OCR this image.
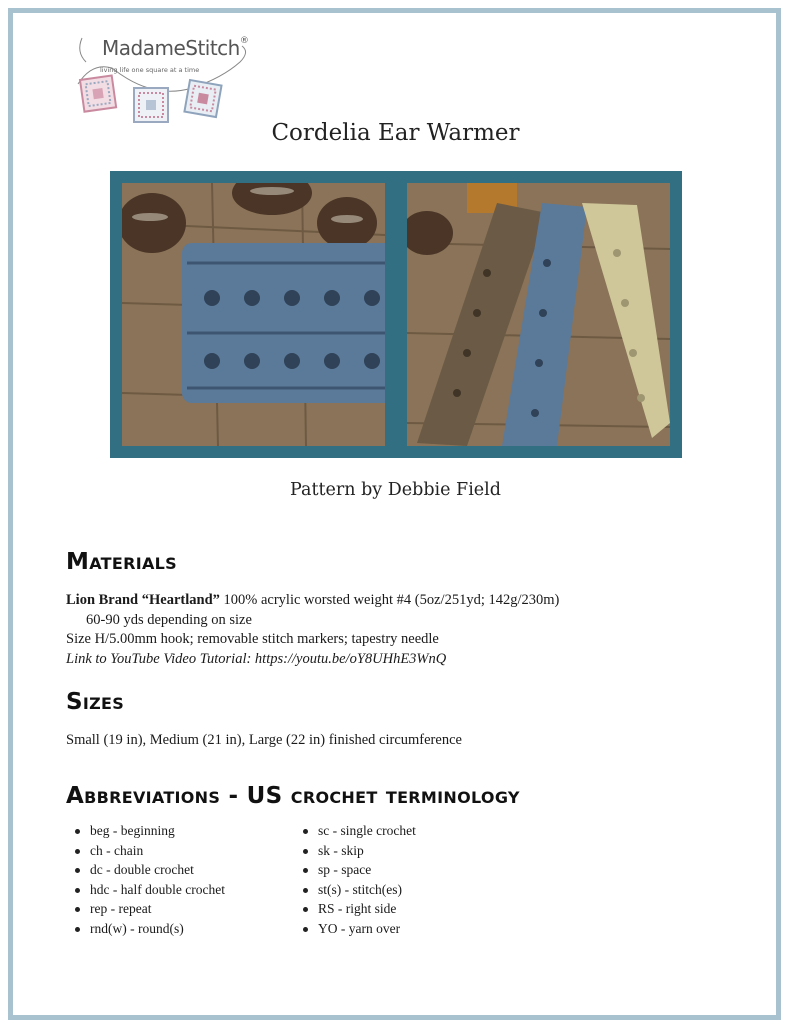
MadameStitch®
living life one square at a time
Cordelia Ear Warmer
Pattern by Debbie Field
Materials
Lion Brand “Heartland” 100% acrylic worsted weight #4 (5oz/251yd; 142g/230m)
60-90 yds depending on size
Size H/5.00mm hook; removable stitch markers; tapestry needle
Link to YouTube Video Tutorial: https://youtu.be/oY8UHhE3WnQ
Sizes
Small (19 in), Medium (21 in), Large (22 in) finished circumference
Abbreviations - US crochet terminology
beg - beginning
ch - chain
dc - double crochet
hdc - half double crochet
rep - repeat
rnd(w) - round(s)
sc - single crochet
sk - skip
sp - space
st(s) - stitch(es)
RS - right side
YO - yarn over
